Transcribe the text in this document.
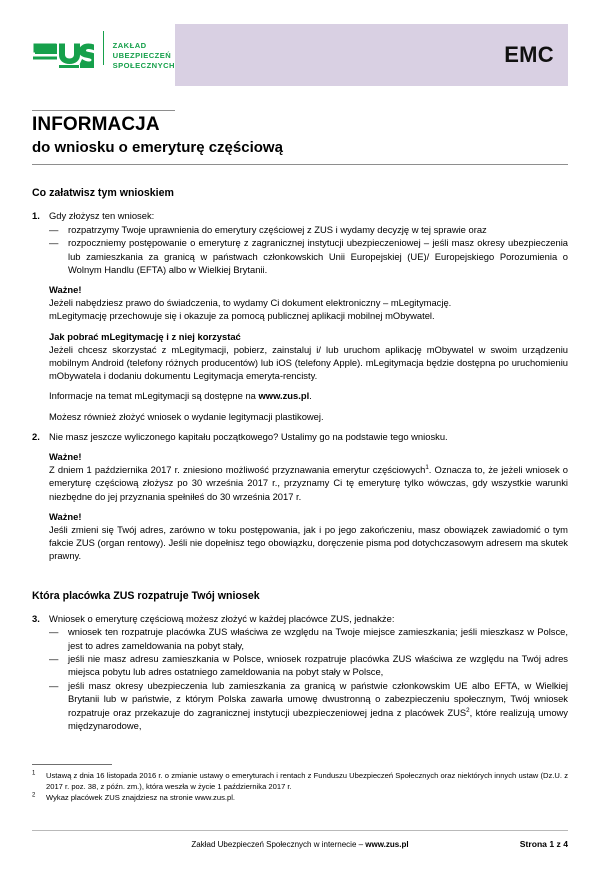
ZAKŁAD
UBEZPIECZEŃ
SPOŁECZNYCH	EMC
INFORMACJA
do wniosku o emeryturę częściową
Co załatwisz tym wnioskiem
1. Gdy złożysz ten wniosek:
—	rozpatrzymy Twoje uprawnienia do emerytury częściowej z ZUS i wydamy decyzję w tej sprawie oraz
—	rozpoczniemy postępowanie o emeryturę z zagranicznej instytucji ubezpieczeniowej – jeśli masz okresy ubezpieczenia lub zamieszkania za granicą w państwach członkowskich Unii Europejskiej (UE)/ Europejskiego Porozumienia o Wolnym Handlu (EFTA) albo w Wielkiej Brytanii.

Ważne!

Jeżeli nabędziesz prawo do świadczenia, to wydamy Ci dokument elektroniczny – mLegitymację.

mLegitymację przechowuje się i okazuje za pomocą publicznej aplikacji mobilnej mObywatel.

Jak pobrać mLegitymację i z niej korzystać

Jeżeli chcesz skorzystać z mLegitymacji, pobierz, zainstaluj i/ lub uruchom aplikację mObywatel w swoim urządzeniu mobilnym Android (telefony różnych producentów) lub iOS (telefony Apple). mLegitymacja będzie dostępna po uruchomieniu mObywatela i dodaniu dokumentu Legitymacja emeryta-rencisty.

Informacje na temat mLegitymacji są dostępne na www.zus.pl.
Możesz również złożyć wniosek o wydanie legitymacji plastikowej.
2. Nie masz jeszcze wyliczonego kapitału początkowego? Ustalimy go na podstawie tego wniosku.

Ważne!

Z dniem 1 października 2017 r. zniesiono możliwość przyznawania emerytur częściowych$^1$. Oznacza to, że jeżeli wniosek o emeryturę częściową złożysz po 30 września 2017 r., przyznamy Ci tę emeryturę tylko wówczas, gdy wszystkie warunki niezbędne do jej przyznania spełniłeś do 30 września 2017 r.

Ważne!

Jeśli zmieni się Twój adres, zarówno w toku postępowania, jak i po jego zakończeniu, masz obowiązek zawiadomić o tym fakcie ZUS (organ rentowy). Jeśli nie dopełnisz tego obowiązku, doręczenie pisma pod dotychczasowym adresem ma skutek prawny.

Która placówka ZUS rozpatruje Twój wniosek
3. Wniosek o emeryturę częściową możesz złożyć w każdej placówce ZUS, jednakże:
—	wniosek ten rozpatruje placówka ZUS właściwa ze względu na Twoje miejsce zamieszkania; jeśli mieszkasz w Polsce, jest to adres zameldowania na pobyt stały,
—	jeśli nie masz adresu zamieszkania w Polsce, wniosek rozpatruje placówka ZUS właściwa ze względu na Twój adres miejsca pobytu lub adres ostatniego zameldowania na pobyt stały w Polsce,
—	jeśli masz okresy ubezpieczenia lub zamieszkania za granicą w państwie członkowskim UE albo EFTA, w Wielkiej Brytanii lub w państwie, z którym Polska zawarła umowę dwustronną o zabezpieczeniu społecznym, Twój wniosek rozpatruje oraz przekazuje do zagranicznej instytucji ubezpieczeniowej jedna z placówek ZUS$^2$, które realizują umowy międzynarodowe,
$^1$	Ustawą z dnia 16 listopada 2016 r. o zmianie ustawy o emeryturach i rentach z Funduszu Ubezpieczeń Społecznych oraz niektórych innych ustaw (Dz.U. z 2017 r. poz. 38, z późn. zm.), która weszła w życie 1 października 2017 r.
$^2$	Wykaz placówek ZUS znajdziesz na stronie www.zus.pl.
Zakład Ubezpieczeń Społecznych w internecie – www.zus.pl	Strona 1 z 4
